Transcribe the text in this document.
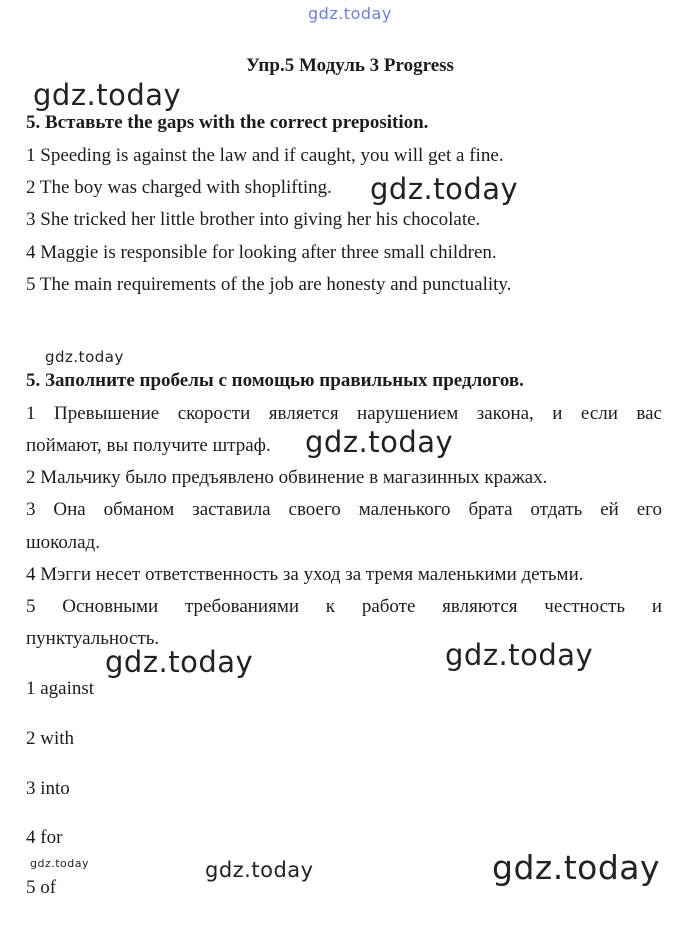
gdz.today
Упр.5 Модуль 3 Progress
gdz.today
5. Вставьте the gaps with the correct preposition.
1 Speeding is against the law and if caught, you will get a fine.
2 The boy was charged with shoplifting. gdz.today
3 She tricked her little brother into giving her his chocolate.
4 Maggie is responsible for looking after three small children.
5 The main requirements of the job are honesty and punctuality.
gdz.today
5. Заполните пробелы с помощью правильных предлогов.
1 Превышение скорости является нарушением закона, и если вас
поймают, вы получите штраф. gdz.today
2 Мальчику было предъявлено обвинение в магазинных кражах.
3 Она обманом заставила своего маленького брата отдать ей его
шоколад.
4 Мэгги несет ответственность за уход за тремя маленькими детьми.
5 Основными требованиями к работе являются честность и
пунктуальность.
gdz.today	gdz.today
1 against
2 with
3 into
4 for
gdz.today	gdz.today	gdz.today
5 of
